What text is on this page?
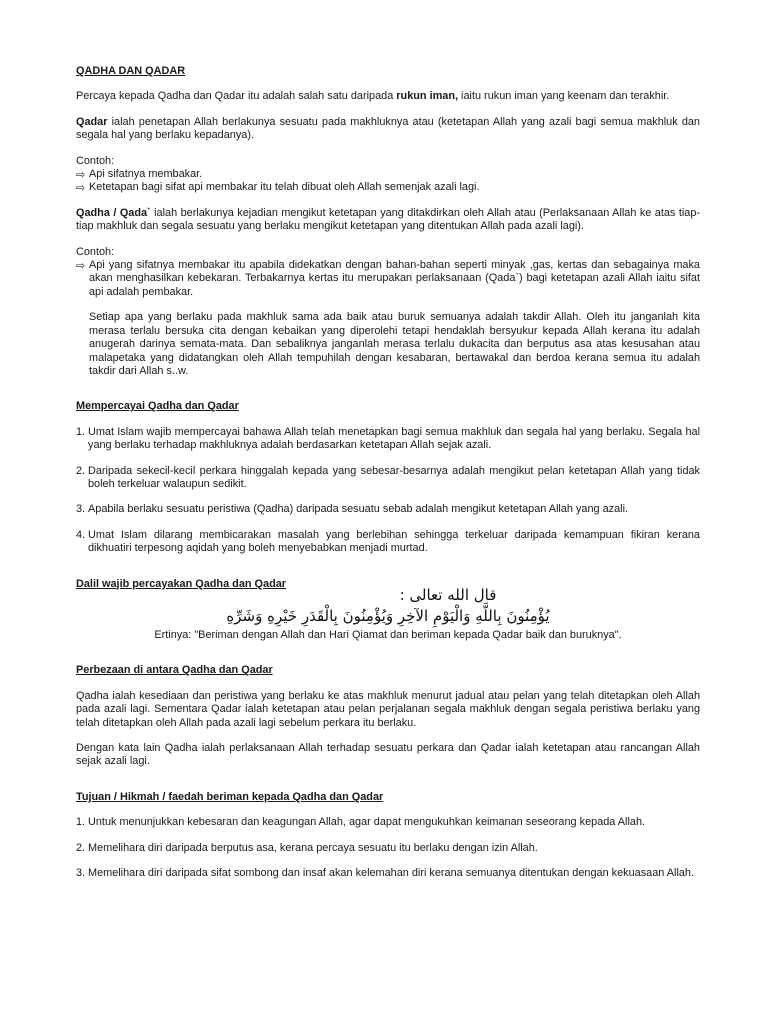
QADHA DAN QADAR

Percaya kepada Qadha dan Qadar itu adalah salah satu daripada rukun iman, iaitu rukun iman yang keenam dan terakhir.

Qadar ialah penetapan Allah berlakunya sesuatu pada makhluknya atau (ketetapan Allah yang azali bagi semua makhluk dan segala hal yang berlaku kepadanya).

Contoh:

⇨ Api sifatnya membakar.

⇨ Ketetapan bagi sifat api membakar itu telah dibuat oleh Allah semenjak azali lagi.

Qadha / Qada` ialah berlakunya kejadian mengikut ketetapan yang ditakdirkan oleh Allah atau (Perlaksanaan Allah ke atas tiap-tiap makhluk dan segala sesuatu yang berlaku mengikut ketetapan yang ditentukan Allah pada azali lagi).

Contoh:

⇨ Api yang sifatnya membakar itu apabila didekatkan dengan bahan-bahan seperti minyak ,gas, kertas dan sebagainya maka akan menghasilkan kebekaran. Terbakarnya kertas itu merupakan perlaksanaan (Qada`) bagi ketetapan azali Allah iaitu sifat api adalah pembakar.

Setiap apa yang berlaku pada makhluk sama ada baik atau buruk semuanya adalah takdir Allah. Oleh itu janganlah kita merasa terlalu bersuka cita dengan kebaikan yang diperolehi tetapi hendaklah bersyukur kepada Allah kerana itu adalah anugerah darinya semata-mata. Dan sebaliknya janganlah merasa terlalu dukacita dan berputus asa atas kesusahan atau malapetaka yang didatangkan oleh Allah tempuhilah dengan kesabaran, bertawakal dan berdoa kerana semua itu adalah takdir dari Allah s..w.

Mempercayai Qadha dan Qadar

1. Umat Islam wajib mempercayai bahawa Allah telah menetapkan bagi semua makhluk dan segala hal yang berlaku. Segala hal yang berlaku terhadap makhluknya adalah berdasarkan ketetapan Allah sejak azali.

2. Daripada sekecil-kecil perkara hinggalah kepada yang sebesar-besarnya adalah mengikut pelan ketetapan Allah yang tidak boleh terkeluar walaupun sedikit.

3. Apabila berlaku sesuatu peristiwa (Qadha) daripada sesuatu sebab adalah mengikut ketetapan Allah yang azali.

4. Umat Islam dilarang membicarakan masalah yang berlebihan sehingga terkeluar daripada kemampuan fikiran kerana dikhuatiri terpesong aqidah yang boleh menyebabkan menjadi murtad.

Dalil wajib percayakan Qadha dan Qadar

قال الله تعالى :

يُؤْمِنُونَ بِاللَّهِ وَالْيَوْمِ الآخِرِ وَيُؤْمِنُونَ بِالْقَدَرِ خَيْرِهِ وَشَرِّهِ

Ertinya: "Beriman dengan Allah dan Hari Qiamat dan beriman kepada Qadar baik dan buruknya".

Perbezaan di antara Qadha dan Qadar

Qadha ialah kesediaan dan peristiwa yang berlaku ke atas makhluk menurut jadual atau pelan yang telah ditetapkan oleh Allah pada azali lagi. Sementara Qadar ialah ketetapan atau pelan perjalanan segala makhluk dengan segala peristiwa berlaku yang telah ditetapkan oleh Allah pada azali lagi sebelum perkara itu berlaku.

Dengan kata lain Qadha ialah perlaksanaan Allah terhadap sesuatu perkara dan Qadar ialah ketetapan atau rancangan Allah sejak azali lagi.

Tujuan / Hikmah / faedah beriman kepada Qadha dan Qadar

1. Untuk menunjukkan kebesaran dan keagungan Allah, agar dapat mengukuhkan keimanan seseorang kepada Allah.

2. Memelihara diri daripada berputus asa, kerana percaya sesuatu itu berlaku dengan izin Allah.

3. Memelihara diri daripada sifat sombong dan insaf akan kelemahan diri kerana semuanya ditentukan dengan kekuasaan Allah.
